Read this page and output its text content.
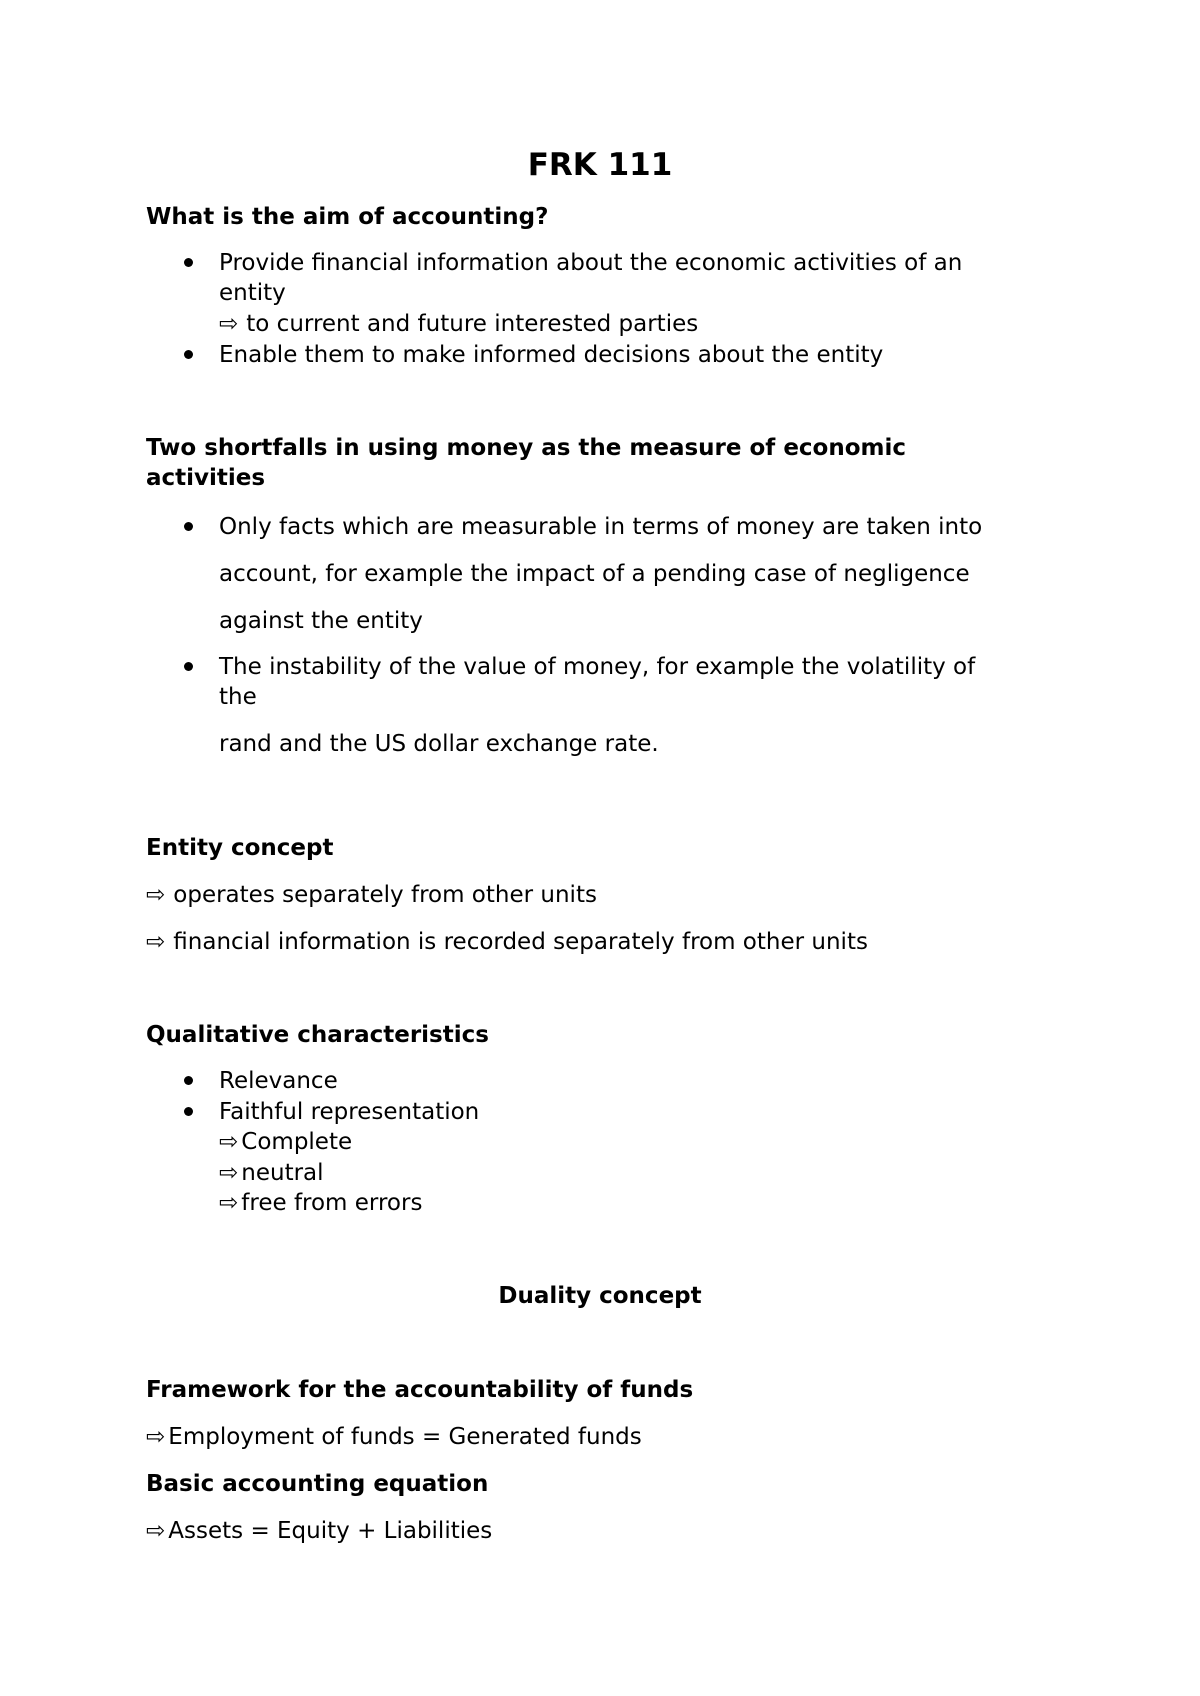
FRK 111
What is the aim of accounting?
Provide financial information about the economic activities of an
entity
⇨ to current and future interested parties
Enable them to make informed decisions about the entity
Two shortfalls in using money as the measure of economic
activities
Only facts which are measurable in terms of money are taken into
account, for example the impact of a pending case of negligence
against the entity
The instability of the value of money, for example the volatility of
the
rand and the US dollar exchange rate.
Entity concept
⇨ operates separately from other units
⇨ financial information is recorded separately from other units
Qualitative characteristics
Relevance
Faithful representation
⇨ Complete
⇨ neutral
⇨ free from errors
Duality concept
Framework for the accountability of funds
⇨ Employment of funds = Generated funds
Basic accounting equation
⇨ Assets = Equity + Liabilities
